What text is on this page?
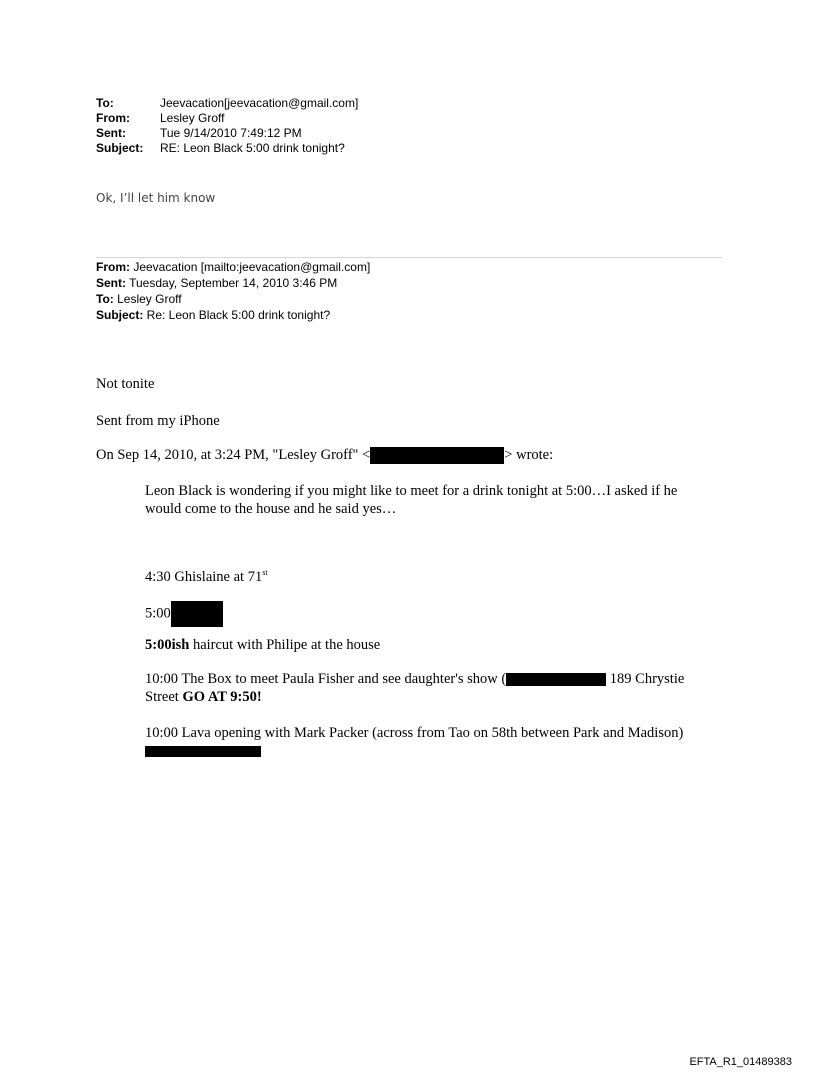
To:	Jeevacation[jeevacation@gmail.com]
From:	Lesley Groff
Sent:	Tue 9/14/2010 7:49:12 PM
Subject:	RE: Leon Black 5:00 drink tonight?
Ok, I’ll let him know
From: Jeevacation [mailto:jeevacation@gmail.com]
Sent: Tuesday, September 14, 2010 3:46 PM
To: Lesley Groff
Subject: Re: Leon Black 5:00 drink tonight?
Not tonite
Sent from my iPhone
On Sep 14, 2010, at 3:24 PM, "Lesley Groff" <	> wrote:
Leon Black is wondering if you might like to meet for a drink tonight at 5:00…I asked if he would come to the house and he said yes…
4:30 Ghislaine at 71st
5:00
5:00ish haircut with Philipe at the house
10:00 The Box to meet Paula Fisher and see daughter's show (	189 Chrystie Street GO AT 9:50!
10:00 Lava opening with Mark Packer (across from Tao on 58th between Park and Madison)
EFTA_R1_01489383
